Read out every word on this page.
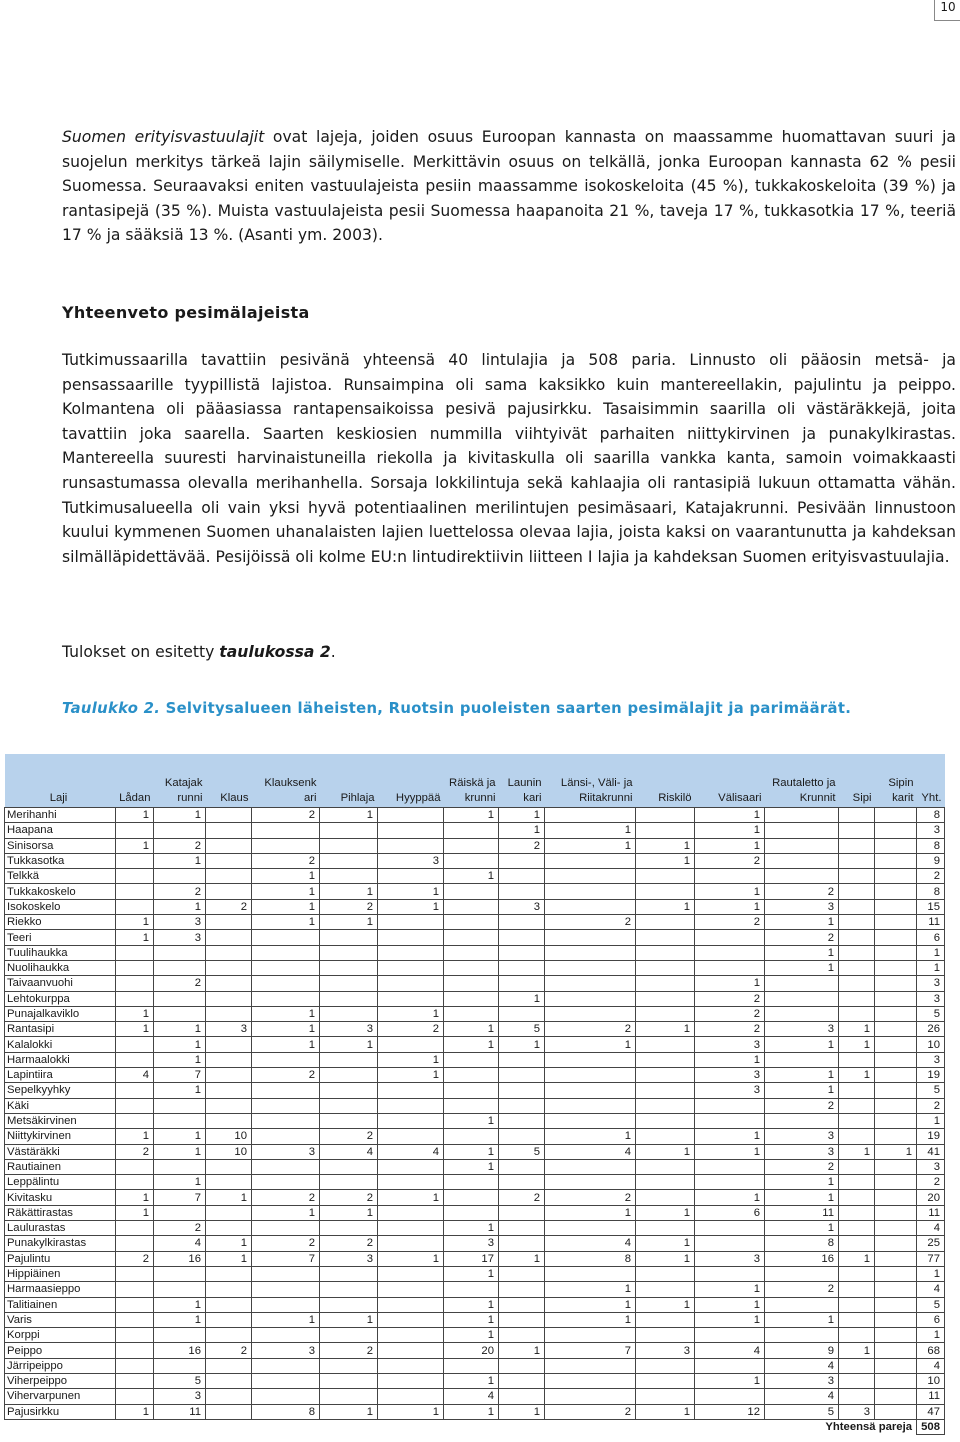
10
Suomen erityisvastuulajit ovat lajeja, joiden osuus Euroopan kannasta on maassamme huomattavan suuri ja suojelun merkitys tärkeä lajin säilymiselle. Merkittävin osuus on telkällä, jonka Euroopan kannasta 62 % pesii Suomessa. Seuraavaksi eniten vastuulajeista pesiin maassamme isokoskeloita (45 %), tukkakoskeloita (39 %) ja rantasipejä (35 %). Muista vastuulajeista pesii Suomessa haapanoita 21 %, taveja 17 %, tukkasotkia 17 %, teeriä 17 % ja sääksiä 13 %. (Asanti ym. 2003).
Yhteenveto pesimälajeista
Tutkimussaarilla tavattiin pesivänä yhteensä 40 lintulajia ja 508 paria. Linnusto oli pääosin metsä- ja pensassaarille tyypillistä lajistoa. Runsaimpina oli sama kaksikko kuin mantereellakin, pajulintu ja peippo. Kolmantena oli pääasiassa rantapensaikoissa pesivä pajusirkku. Tasaisimmin saarilla oli västäräkkejä, joita tavattiin joka saarella. Saarten keskiosien nummilla viihtyivät parhaiten niittykirvinen ja punakylkirastas. Mantereella suuresti harvinaistuneilla riekolla ja kivitaskulla oli saarilla vankka kanta, samoin voimakkaasti runsastumassa olevalla merihanhella. Sorsaja lokkilintuja sekä kahlaajia oli rantasipiä lukuun ottamatta vähän. Tutkimusalueella oli vain yksi hyvä potentiaalinen merilintujen pesimäsaari, Katajakrunni. Pesivään linnustoon kuului kymmenen Suomen uhanalaisten lajien luettelossa olevaa lajia, joista kaksi on vaarantunutta ja kahdeksan silmälläpidettävää. Pesijöissä oli kolme EU:n lintudirektiivin liitteen I lajia ja kahdeksan Suomen erityisvastuulajia.
Tulokset on esitetty taulukossa 2.
Taulukko 2. Selvitysalueen läheisten, Ruotsin puoleisten saarten pesimälajit ja parimäärät.
Laji	Lådan	Katajak runni	Klaus	Klauksenk ari	Pihlaja	Hyyppää	Räiskä ja krunni	Launin kari	Länsi-, Väli- ja Riitakrunni	Riskilö	Välisaari	Rautaletto ja Krunnit	Sipi	Sipin karit	Yht.
Merihanhi	1	1		2	1		1	1			1				8
Haapana								1	1		1				3
Sinisorsa	1	2						2	1	1	1				8
Tukkasotka		1		2		3				1	2				9
Telkkä				1			1								2
Tukkakoskelo		2		1	1	1					1	2			8
Isokoskelo		1	2	1	2	1		3		1	1	3			15
Riekko	1	3		1	1				2		2	1			11
Teeri	1	3										2			6
Tuulihaukka												1			1
Nuolihaukka												1			1
Taivaanvuohi		2									1				3
Lehtokurppa								1			2				3
Punajalkaviklo	1			1		1					2				5
Rantasipi	1	1	3	1	3	2	1	5	2	1	2	3	1		26
Kalalokki		1		1	1		1	1	1		3	1	1		10
Harmaalokki		1				1					1				3
Lapintiira	4	7		2		1					3	1	1		19
Sepelkyyhky		1									3	1			5
Käki												2			2
Metsäkirvinen							1								1
Niittykirvinen	1	1	10		2				1		1	3			19
Västäräkki	2	1	10	3	4	4	1	5	4	1	1	3	1	1	41
Rautiainen							1					2			3
Leppälintu		1										1			2
Kivitasku	1	7	1	2	2	1		2	2		1	1			20
Räkättirastas	1			1	1				1	1	6	11			11
Laulurastas		2					1					1			4
Punakylkirastas		4	1	2	2		3		4	1		8			25
Pajulintu	2	16	1	7	3	1	17	1	8	1	3	16	1		77
Hippiäinen							1								1
Harmaasieppo									1		1	2			4
Talitiainen		1					1		1	1	1				5
Varis		1		1	1		1		1		1	1			6
Korppi							1								1
Peippo		16	2	3	2		20	1	7	3	4	9	1		68
Järripeippo												4			4
Viherpeippo		5					1				1	3			10
Vihervarpunen		3					4					4			11
Pajusirkku	1	11		8	1	1	1	1	2	1	12	5	3		47
Yhteensä pareja															508
